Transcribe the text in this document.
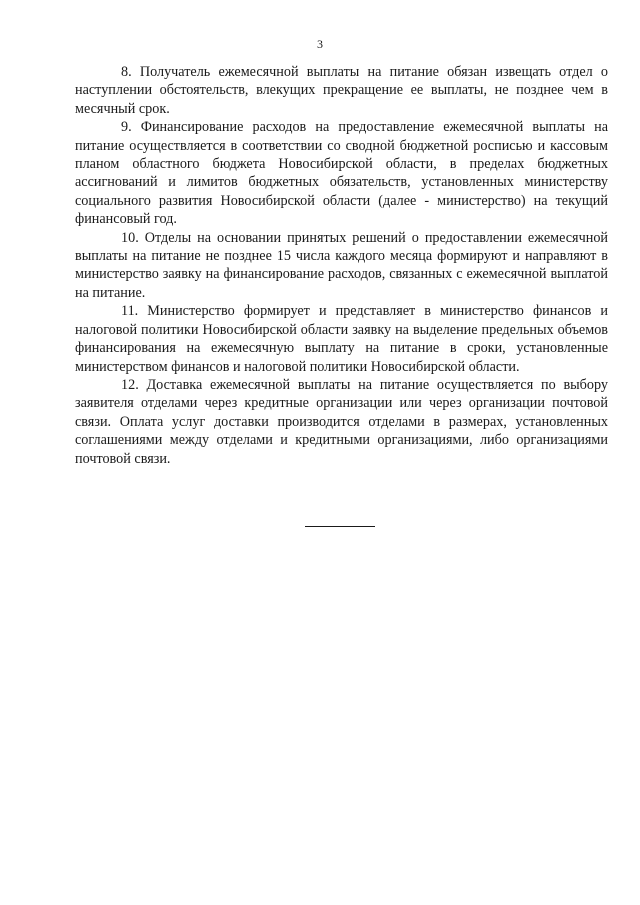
3

8. Получатель ежемесячной выплаты на питание обязан извещать отдел о наступлении обстоятельств, влекущих прекращение ее выплаты, не позднее чем в месячный срок.

9. Финансирование расходов на предоставление ежемесячной выплаты на питание осуществляется в соответствии со сводной бюджетной росписью и кассовым планом областного бюджета Новосибирской области, в пределах бюджетных ассигнований и лимитов бюджетных обязательств, установленных министерству социального развития Новосибирской области (далее - министерство) на текущий финансовый год.

10. Отделы на основании принятых решений о предоставлении ежемесячной выплаты на питание не позднее 15 числа каждого месяца формируют и направляют в министерство заявку на финансирование расходов, связанных с ежемесячной выплатой на питание.

11. Министерство формирует и представляет в министерство финансов и налоговой политики Новосибирской области заявку на выделение предельных объемов финансирования на ежемесячную выплату на питание в сроки, установленные министерством финансов и налоговой политики Новосибирской области.

12. Доставка ежемесячной выплаты на питание осуществляется по выбору заявителя отделами через кредитные организации или через организации почтовой связи. Оплата услуг доставки производится отделами в размерах, установленных соглашениями между отделами и кредитными организациями, либо организациями почтовой связи.
